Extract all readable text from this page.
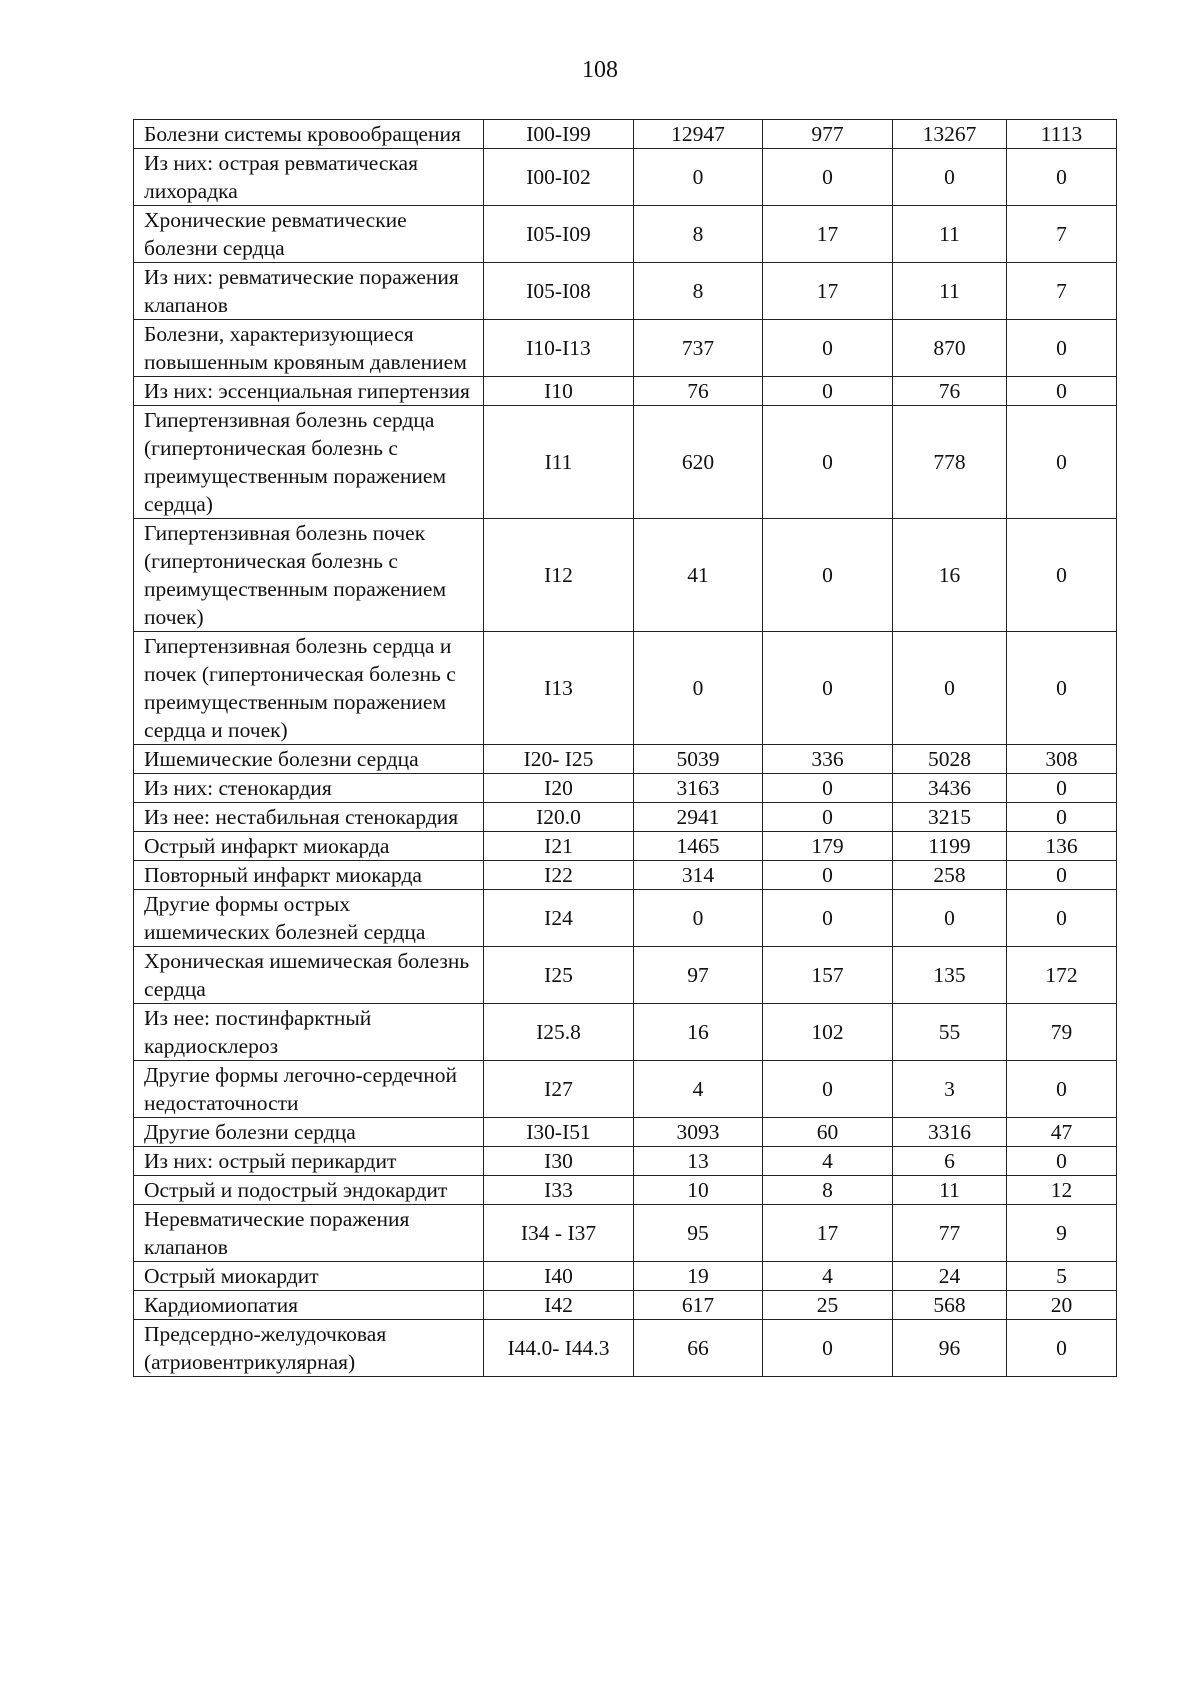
108
Болезни системы кровообращения	I00-I99	12947	977	13267	1113
Из них: острая ревматическая лихорадка	I00-I02	0	0	0	0
Хронические ревматические болезни сердца	I05-I09	8	17	11	7
Из них: ревматические поражения клапанов	I05-I08	8	17	11	7
Болезни, характеризующиеся повышенным кровяным давлением	I10-I13	737	0	870	0
Из них: эссенциальная гипертензия	I10	76	0	76	0
Гипертензивная болезнь сердца (гипертоническая болезнь с преимущественным поражением сердца)	I11	620	0	778	0
Гипертензивная болезнь почек (гипертоническая болезнь с преимущественным поражением почек)	I12	41	0	16	0
Гипертензивная болезнь сердца и почек (гипертоническая болезнь с преимущественным поражением сердца и почек)	I13	0	0	0	0
Ишемические болезни сердца	I20- I25	5039	336	5028	308
Из них: стенокардия	I20	3163	0	3436	0
Из нее: нестабильная стенокардия	I20.0	2941	0	3215	0
Острый инфаркт миокарда	I21	1465	179	1199	136
Повторный инфаркт миокарда	I22	314	0	258	0
Другие формы острых ишемических болезней сердца	I24	0	0	0	0
Хроническая ишемическая болезнь сердца	I25	97	157	135	172
Из нее: постинфарктный кардиосклероз	I25.8	16	102	55	79
Другие формы легочно-сердечной недостаточности	I27	4	0	3	0
Другие болезни сердца	I30-I51	3093	60	3316	47
Из них: острый перикардит	I30	13	4	6	0
Острый и подострый эндокардит	I33	10	8	11	12
Неревматические поражения клапанов	I34 - I37	95	17	77	9
Острый миокардит	I40	19	4	24	5
Кардиомиопатия	I42	617	25	568	20
Предсердно-желудочковая (атриовентрикулярная)	I44.0- I44.3	66	0	96	0
